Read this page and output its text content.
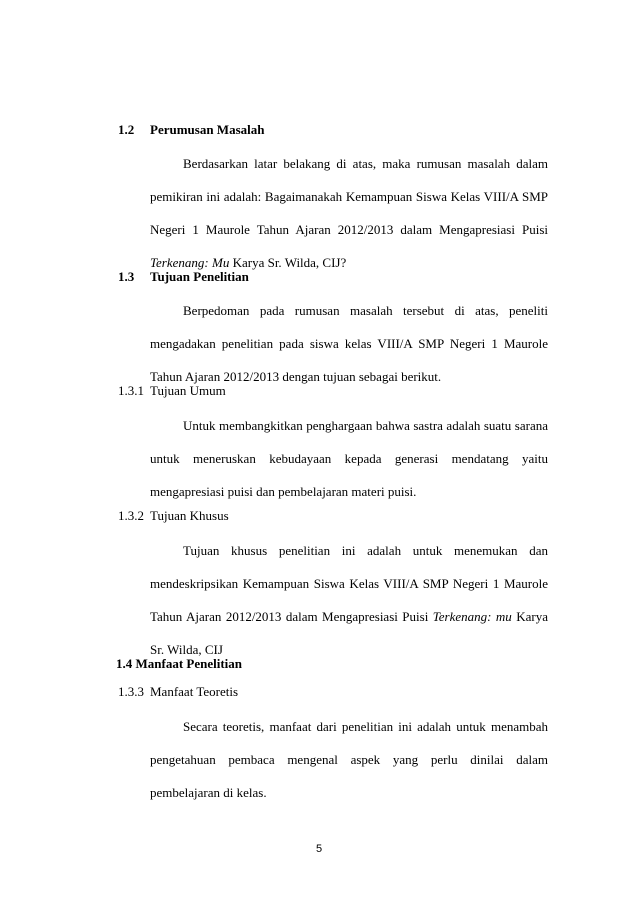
1.2 Perumusan Masalah
Berdasarkan latar belakang di atas, maka rumusan masalah dalam
pemikiran ini adalah: Bagaimanakah Kemampuan Siswa Kelas VIII/A SMP
Negeri 1 Maurole Tahun Ajaran 2012/2013 dalam Mengapresiasi Puisi
Terkenang: Mu Karya Sr. Wilda, CIJ?
1.3 Tujuan Penelitian
Berpedoman pada rumusan masalah tersebut di atas, peneliti
mengadakan penelitian pada siswa kelas VIII/A SMP Negeri 1 Maurole
Tahun Ajaran 2012/2013 dengan tujuan sebagai berikut.
1.3.1 Tujuan Umum
Untuk membangkitkan penghargaan bahwa sastra adalah suatu sarana
untuk meneruskan kebudayaan kepada generasi mendatang yaitu
mengapresiasi puisi dan pembelajaran materi puisi.
1.3.2 Tujuan Khusus
Tujuan khusus penelitian ini adalah untuk menemukan dan
mendeskripsikan Kemampuan Siswa Kelas VIII/A SMP Negeri 1 Maurole
Tahun Ajaran 2012/2013 dalam Mengapresiasi Puisi Terkenang: mu Karya
Sr. Wilda, CIJ
1.4 Manfaat Penelitian
1.3.3 Manfaat Teoretis
Secara teoretis, manfaat dari penelitian ini adalah untuk menambah
pengetahuan pembaca mengenal aspek yang perlu dinilai dalam
pembelajaran di kelas.
5
